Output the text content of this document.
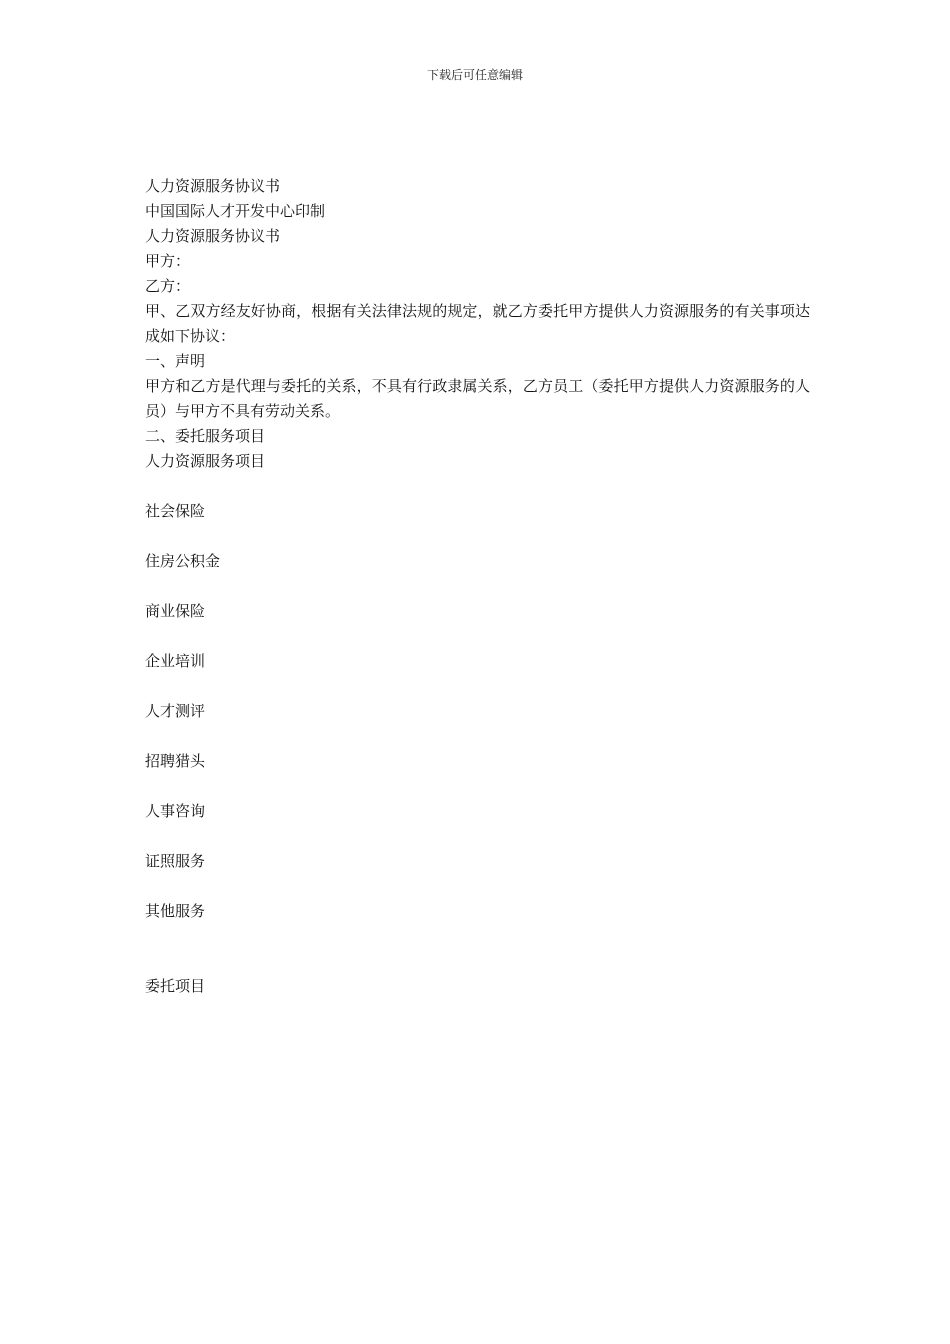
下载后可任意编辑

人力资源服务协议书

中国国际人才开发中心印制

人力资源服务协议书

甲方：

乙方：

甲、乙双方经友好协商，根据有关法律法规的规定，就乙方委托甲方提供人力资源服务的有关事项达成如下协议：

一、声明

甲方和乙方是代理与委托的关系，不具有行政隶属关系，乙方员工（委托甲方提供人力资源服务的人员）与甲方不具有劳动关系。

二、委托服务项目

人力资源服务项目

社会保险
住房公积金
商业保险
企业培训
人才测评
招聘猎头
人事咨询
证照服务
其他服务

委托项目
